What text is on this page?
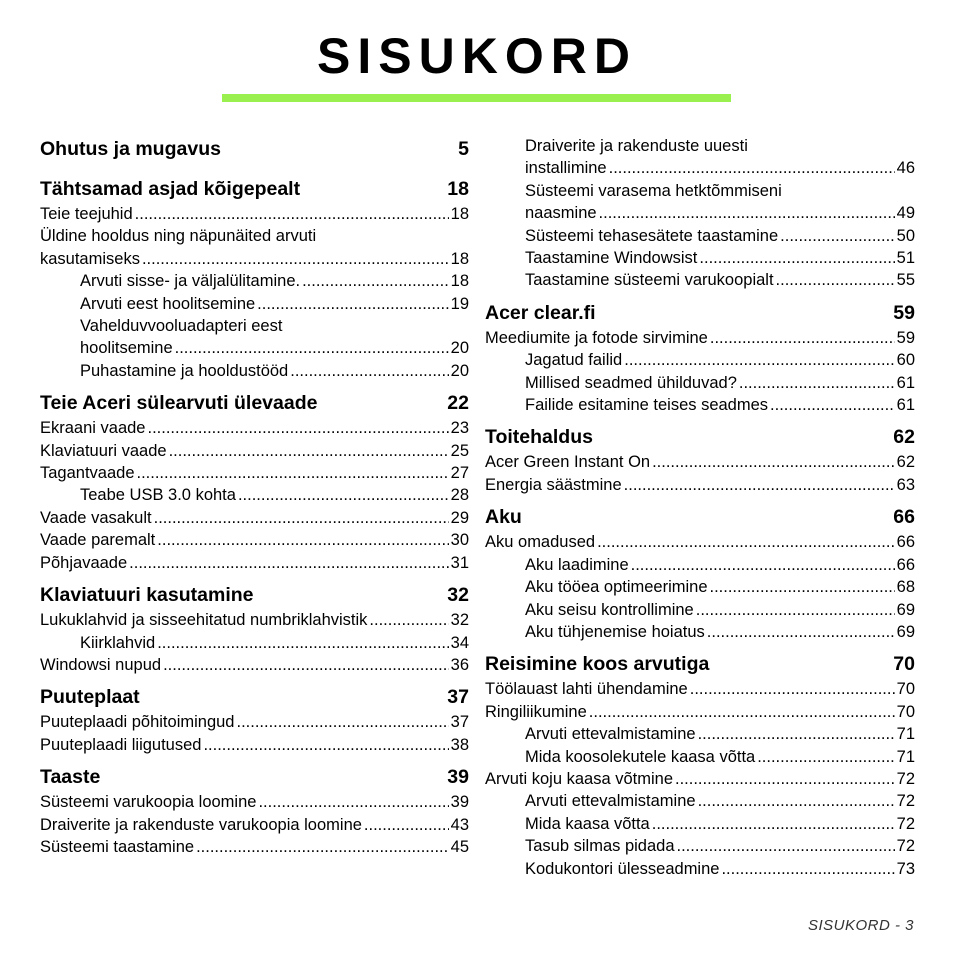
SISUKORD
Ohutus ja mugavus	5
Tähtsamad asjad kõigepealt	18
Teie teejuhid .....	18
Üldine hooldus ning näpunäited arvuti
kasutamiseks .....	18
Arvuti sisse- ja väljalülitamine. .....	18
Arvuti eest hoolitsemine .....	19
Vahelduvvooluadapteri eest
hoolitsemine .....	20
Puhastamine ja hooldustööd .....	20
Teie Aceri sülearvuti ülevaade	22
Ekraani vaade .....	23
Klaviatuuri vaade .....	25
Tagantvaade .....	27
Teabe USB 3.0 kohta .....	28
Vaade vasakult .....	29
Vaade paremalt .....	30
Põhjavaade .....	31
Klaviatuuri kasutamine	32
Lukuklahvid ja sisseehitatud numbriklahvistik .....	32
Kiirklahvid .....	34
Windowsi nupud .....	36
Puuteplaat	37
Puuteplaadi põhitoimingud .....	37
Puuteplaadi liigutused .....	38
Taaste	39
Süsteemi varukoopia loomine .....	39
Draiverite ja rakenduste varukoopia loomine .....	43
Süsteemi taastamine .....	45
Draiverite ja rakenduste uuesti
installimine .....	46
Süsteemi varasema hetktõmmiseni
naasmine .....	49
Süsteemi tehasesätete taastamine .....	50
Taastamine Windowsist .....	51
Taastamine süsteemi varukoopialt .....	55
Acer clear.fi	59
Meediumite ja fotode sirvimine .....	59
Jagatud failid .....	60
Millised seadmed ühilduvad? .....	61
Failide esitamine teises seadmes .....	61
Toitehaldus	62
Acer Green Instant On .....	62
Energia säästmine .....	63
Aku	66
Aku omadused .....	66
Aku laadimine .....	66
Aku tööea optimeerimine .....	68
Aku seisu kontrollimine .....	69
Aku tühjenemise hoiatus .....	69
Reisimine koos arvutiga	70
Töölauast lahti ühendamine .....	70
Ringiliikumine .....	70
Arvuti ettevalmistamine .....	71
Mida koosolekutele kaasa võtta .....	71
Arvuti koju kaasa võtmine .....	72
Arvuti ettevalmistamine .....	72
Mida kaasa võtta .....	72
Tasub silmas pidada .....	72
Kodukontori ülesseadmine .....	73
SISUKORD - 3
